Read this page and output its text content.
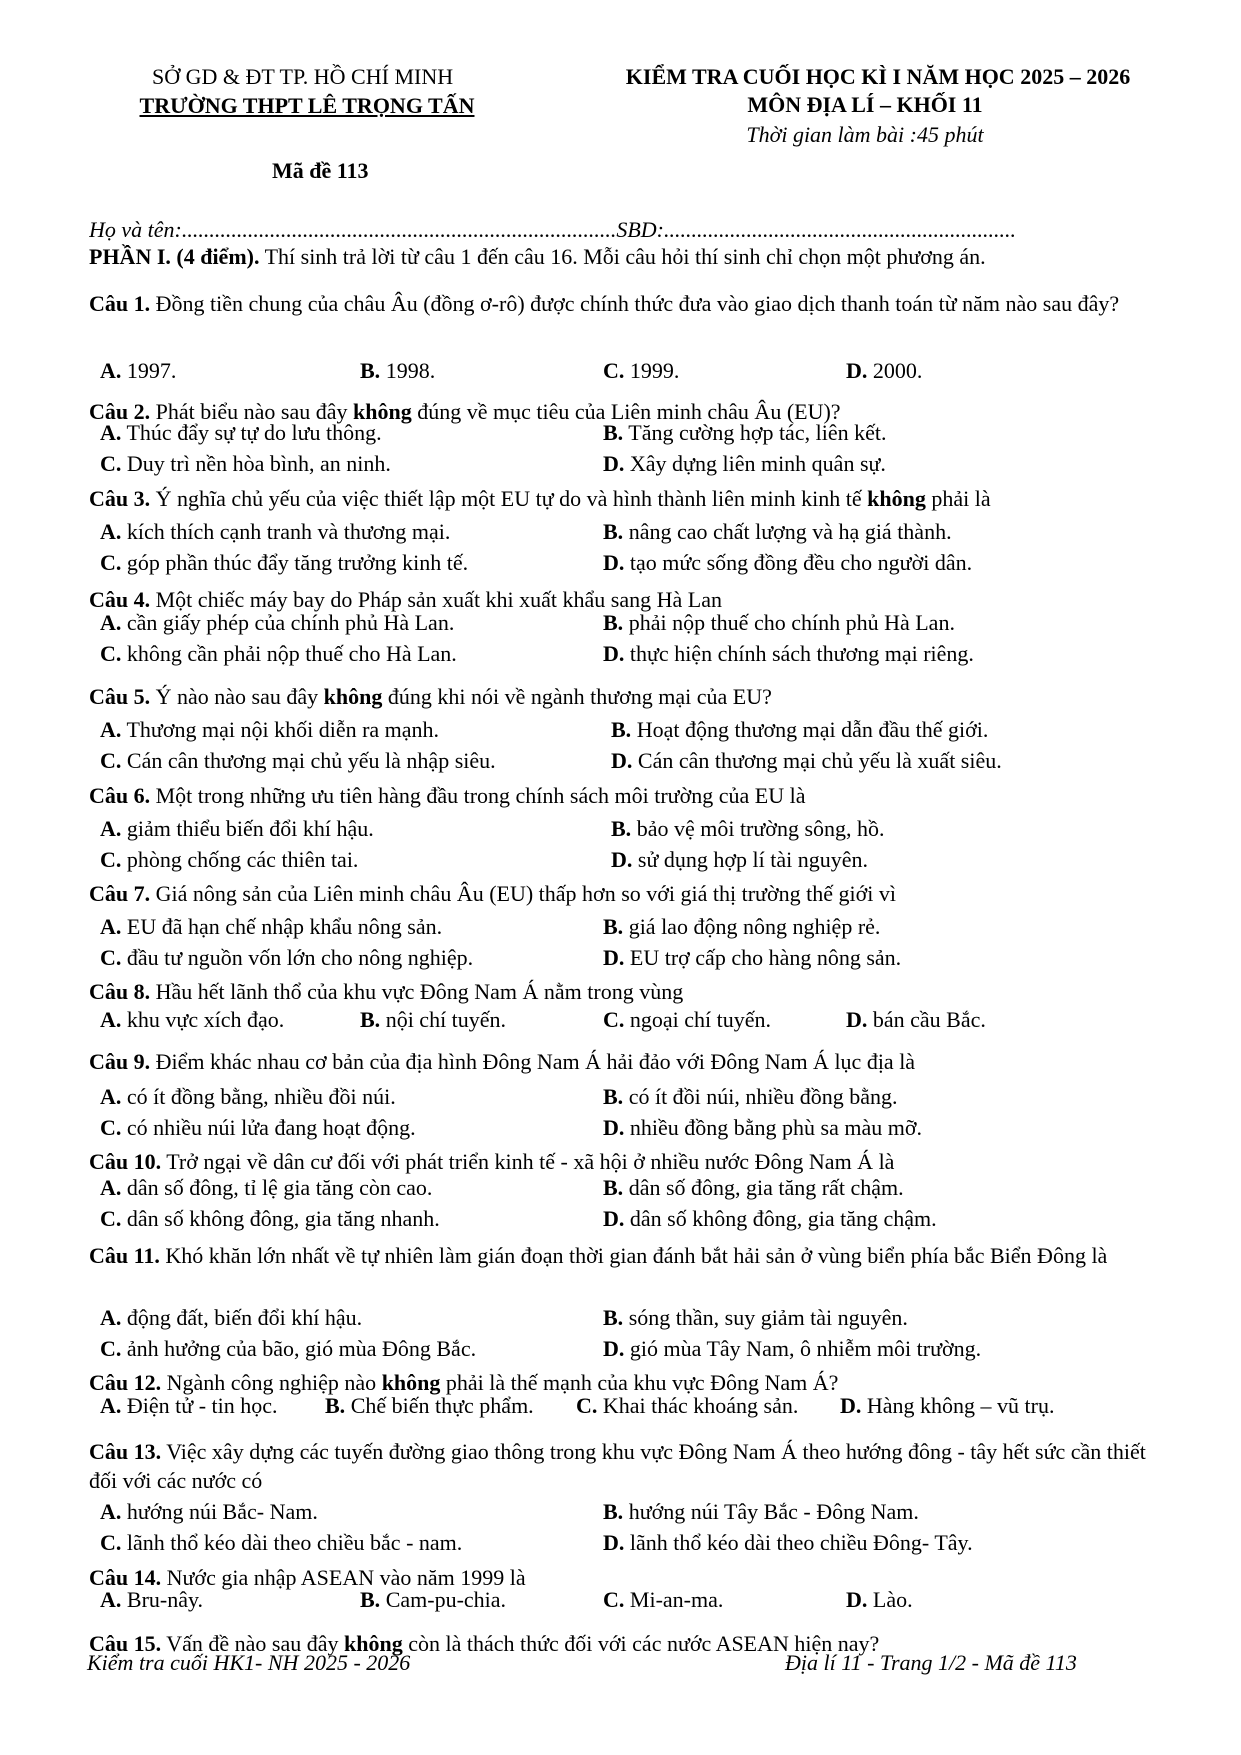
SỞ GD & ĐT TP. HỒ CHÍ MINH
TRƯỜNG THPT LÊ TRỌNG TẤN
KIỂM TRA CUỐI HỌC KÌ I NĂM HỌC 2025 – 2026
MÔN ĐỊA LÍ – KHỐI 11
Thời gian làm bài :45 phút
Mã đề 113
Họ và tên:...............................................................................SBD:................................................................
PHẦN I. (4 điểm). Thí sinh trả lời từ câu 1 đến câu 16. Mỗi câu hỏi thí sinh chỉ chọn một phương án.
Câu 1. Đồng tiền chung của châu Âu (đồng ơ-rô) được chính thức đưa vào giao dịch thanh toán từ năm nào sau đây?
Câu 2. Phát biểu nào sau đây không đúng về mục tiêu của Liên minh châu Âu (EU)?
Câu 3. Ý nghĩa chủ yếu của việc thiết lập một EU tự do và hình thành liên minh kinh tế không phải là
Câu 4. Một chiếc máy bay do Pháp sản xuất khi xuất khẩu sang Hà Lan
Câu 5. Ý nào nào sau đây không đúng khi nói về ngành thương mại của EU?
Câu 6. Một trong những ưu tiên hàng đầu trong chính sách môi trường của EU là
Câu 7. Giá nông sản của Liên minh châu Âu (EU) thấp hơn so với giá thị trường thế giới vì
Câu 8. Hầu hết lãnh thổ của khu vực Đông Nam Á nằm trong vùng
Câu 9. Điểm khác nhau cơ bản của địa hình Đông Nam Á hải đảo với Đông Nam Á lục địa là
Câu 10. Trở ngại về dân cư đối với phát triển kinh tế - xã hội ở nhiều nước Đông Nam Á là
Câu 11. Khó khăn lớn nhất về tự nhiên làm gián đoạn thời gian đánh bắt hải sản ở vùng biển phía bắc Biển Đông là
Câu 12. Ngành công nghiệp nào không phải là thế mạnh của khu vực Đông Nam Á?
Câu 13. Việc xây dựng các tuyến đường giao thông trong khu vực Đông Nam Á theo hướng đông - tây hết sức cần thiết đối với các nước có
Câu 14. Nước gia nhập ASEAN vào năm 1999 là
Câu 15. Vấn đề nào sau đây không còn là thách thức đối với các nước ASEAN hiện nay?
A. 1997.	B. 1998.	C. 1999.	D. 2000.
A. Thúc đẩy sự tự do lưu thông.	B. Tăng cường hợp tác, liên kết.
C. Duy trì nền hòa bình, an ninh.	D. Xây dựng liên minh quân sự.
A. kích thích cạnh tranh và thương mại.	B. nâng cao chất lượng và hạ giá thành.
C. góp phần thúc đẩy tăng trưởng kinh tế.	D. tạo mức sống đồng đều cho người dân.
A. cần giấy phép của chính phủ Hà Lan.	B. phải nộp thuế cho chính phủ Hà Lan.
C. không cần phải nộp thuế cho Hà Lan.	D. thực hiện chính sách thương mại riêng.
A. Thương mại nội khối diễn ra mạnh.	B. Hoạt động thương mại dẫn đầu thế giới.
C. Cán cân thương mại chủ yếu là nhập siêu.	D. Cán cân thương mại chủ yếu là xuất siêu.
A. giảm thiểu biến đổi khí hậu.	B. bảo vệ môi trường sông, hồ.
C. phòng chống các thiên tai.	D. sử dụng hợp lí tài nguyên.
A. EU đã hạn chế nhập khẩu nông sản.	B. giá lao động nông nghiệp rẻ.
C. đầu tư nguồn vốn lớn cho nông nghiệp.	D. EU trợ cấp cho hàng nông sản.
A. khu vực xích đạo.	B. nội chí tuyến.	C. ngoại chí tuyến.	D. bán cầu Bắc.
A. có ít đồng bằng, nhiều đồi núi.	B. có ít đồi núi, nhiều đồng bằng.
C. có nhiều núi lửa đang hoạt động.	D. nhiều đồng bằng phù sa màu mỡ.
A. dân số đông, tỉ lệ gia tăng còn cao.	B. dân số đông, gia tăng rất chậm.
C. dân số không đông, gia tăng nhanh.	D. dân số không đông, gia tăng chậm.
A. động đất, biến đổi khí hậu.	B. sóng thần, suy giảm tài nguyên.
C. ảnh hưởng của bão, gió mùa Đông Bắc.	D. gió mùa Tây Nam, ô nhiễm môi trường.
A. Điện tử - tin học. B. Chế biến thực phẩm. C. Khai thác khoáng sản. D. Hàng không – vũ trụ.
A. hướng núi Bắc- Nam.	B. hướng núi Tây Bắc - Đông Nam.
C. lãnh thổ kéo dài theo chiều bắc - nam.	D. lãnh thổ kéo dài theo chiều Đông- Tây.
A. Bru-nây.	B. Cam-pu-chia.	C. Mi-an-ma.	D. Lào.
Kiểm tra cuối HK1- NH 2025 - 2026	Địa lí 11 - Trang 1/2 - Mã đề 113
